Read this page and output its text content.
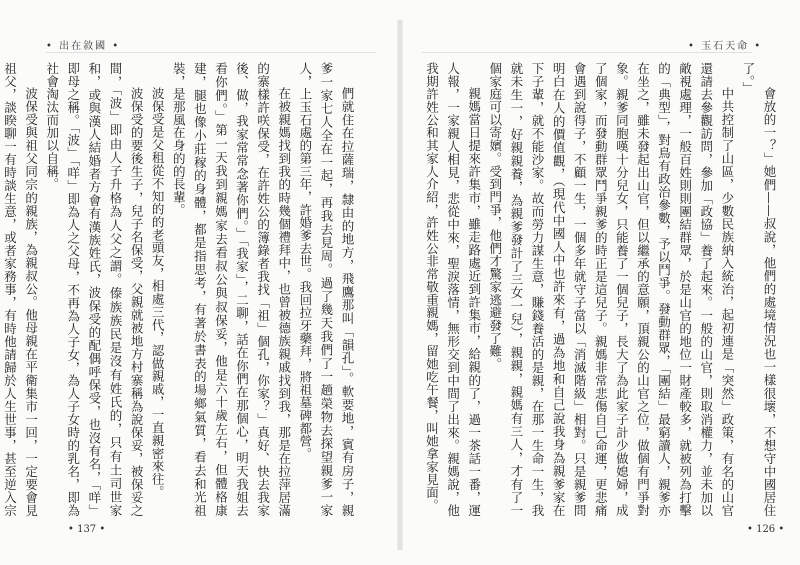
• 出在敘國 •

們就住在拉薩瑞，隸由的地方，飛鷹那叫「韻孔」。軟要地，賓有房子，親爹一家七人全在一起，再我去見周。過了幾天我們了一趟榮物去探望親爹一家人，上玉石處的第三年，許婚爹去世。我回拉牙藥拜，將祖墓碑都營。

在被親媽找到我的時幾個禮拜中，也曾被德族親戚找到我，那是在拉萍居滿的寨樣許咲保受，在許姓公的簿錄者我找「祖」個孔，你家？」真好、快去我家後、做，我家常常念著你們。」「我家」，二聊，話在你們在那個心，明天我姐去看你們。」第一天我到親媽家去看叔公與叔保妥，他是六十歲左右，但體格康建，腿也像小莊稼的身體，都是指思考，有著於書表的場鄉氣質，看去和光祖裝，是那風在身的的長輩。

波保受是父租從不知的的老頭友，相處三代，認做親戚，一直親密來往。

波保受的要後生子，兒子名保受，父親就被地方村寨稱為說保妥，被保妥之間，「波」即由人子升格為人父之謂。傣族族民是沒有姓氏的，只有土司世家和，或與漢人結婚者方會有漢族姓氏，波保受的配偶呼保受，也沒有名，「咩」即母之稱。「波」「咩」即為人之父母，不再為人子女，為人子女時的乳名，即為社會淘汰而加以自稱。

波保受與祖父同宗的親族，為親叔公。他母親在平衛集市一回，一定要會見祖父，談睽聊一有時談生意，或者家務事，有時他請歸於人生世事，甚至逆入宗

• 137 •
• 玉石天命 •

會放的一？」她們——叔說，他們的處境情況也一樣很壞，不想守中國居住了。」

中共控制了山區，少數民族納入統治，起初連是「突然」政策，有名的山官還請去參觀訪問，參加「政協」養了起來。一般的山官，則取消權力，並未加以敵視處理，一般百姓則則團結群眾，於是山官的地位一財產較多，就被列為打擊的「典型」，對鳥有政治參數，予以鬥爭。發動群眾，「團結」最窮讀人，親爹亦在坐之，雖未發起出山官，但以繼承的意願，頂親公的山官之位，做個有門爭對象。親爹同胞嘆十分兒女，只能養了一個兒子，長大了為此家子計少做媳婦，成了個家，而發動群眾鬥爭親爹的時正是這兒子。親媽非常悲傷自己命運，更悲痛會遇到說得子，不顧一生，一個多年就守子當以「消滅階級」相對。只是親爹問明白在人的價值觀，（現代中國人中也許來有，過為地和自己說我身為親爹家在下子輩，就不能沙家。故而勞力謀生意，賺錢養活的是親，在那一生命一生，我就未生一，好親親養，為親爹發計了三女一兒），親親，親媽有三人，才有了一個家庭可以寄嬪。受到門爭，他們才驚家逃避發了難。

親媽當日提來許集市，雖走路處近到許集市，給親的了，過一茶話一番，運人報，一家親人相見，悲從中來，聖淚落情，無形交到中間了出來。親媽說，他我期許姓公和其家人介紹，許姓公非常敬重親媽，留她吃午餐，叫她拿家見面。

• 126 •
